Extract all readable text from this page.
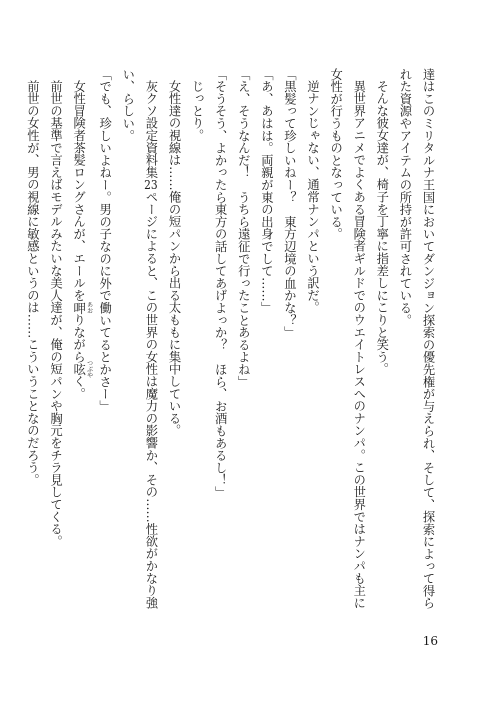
達はこのミリタルナ王国においてダンジョン探索の優先権が与えられ、そして、探索によって得ら
れた資源やアイテムの所持が許可されている。
そんな彼女達が、椅子を丁寧に指差しにこりと笑う。
異世界アニメでよくある冒険者ギルドでのウエイトレスへのナンパ。この世界ではナンパも主に
女性が行うものとなっている。
逆ナンじゃない、通常ナンパという訳だ。
「黒髪って珍しいねー？　東方辺境の血かな？」
「あ、あはは。両親が東の出身でして……」
「え、そうなんだ！　うちら遠征で行ったことあるよね」
「そうそう、よかったら東方の話してあげよっか？　ほら、お酒もあるし！」
じっとり。
女性達の視線は……俺の短パンから出る太ももに集中している。
灰クソ設定資料集23ページによると、この世界の女性は魔力の影響か、その……性欲がかなり強
い、らしい。
「でも、珍しいよねー。男の子なのに外で働いてるとかさー」
女性冒険者茶髪ロングさんが、エールを呷 あおりながら呟 つぶやく。
前世の基準で言えばモデルみたいな美人達が、俺の短パンや胸元をチラ見してくる。
前世の女性が、男の視線に敏感というのは……こういうことなのだろう。
16
